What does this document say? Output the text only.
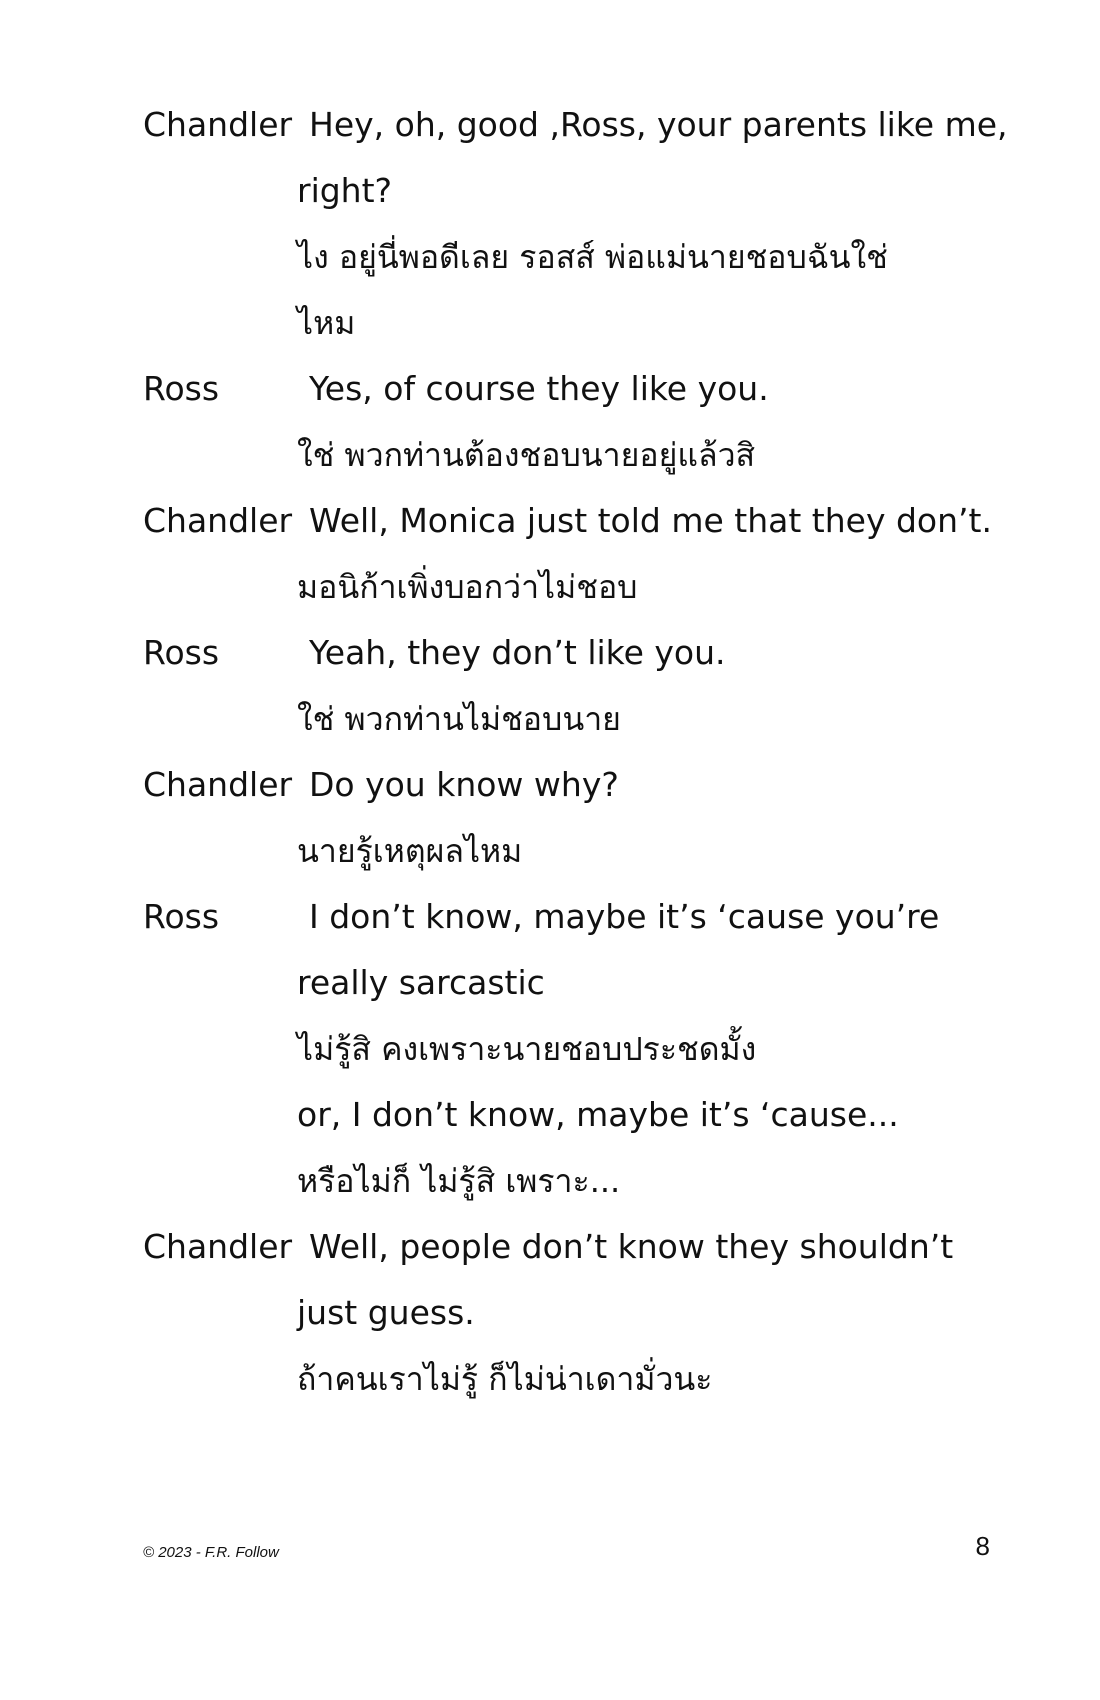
Chandler Hey, oh, good ,Ross, your parents like me,
right?
ไง อยู่นี่พอดีเลย รอสส์ พ่อแม่นายชอบฉันใช่
ไหม
Ross	Yes, of course they like you.
ใช่ พวกท่านต้องชอบนายอยู่แล้วสิ
Chandler Well, Monica just told me that they don’t.
มอนิก้าเพิ่งบอกว่าไม่ชอบ
Ross	Yeah, they don’t like you.
ใช่ พวกท่านไม่ชอบนาย
Chandler Do you know why?
นายรู้เหตุผลไหม
Ross	I don’t know, maybe it’s ‘cause you’re
really sarcastic
ไม่รู้สิ คงเพราะนายชอบประชดมั้ง
or, I don’t know, maybe it’s ‘cause...
หรือไม่ก็ ไม่รู้สิ เพราะ...
Chandler Well, people don’t know they shouldn’t
just guess.
ถ้าคนเราไม่รู้ ก็ไม่น่าเดามั่วนะ
© 2023 - F.R. Follow	8
